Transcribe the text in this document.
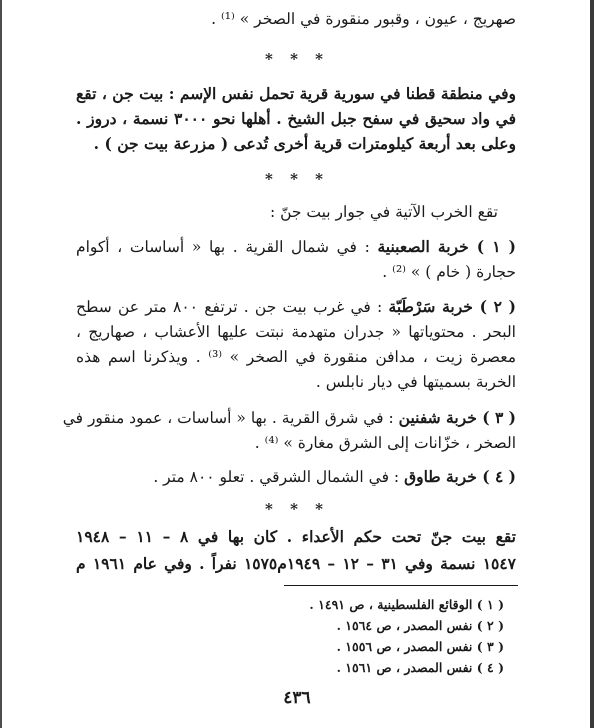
صهريج ، عيون ، وقبور منقورة في الصخر » ⁽¹⁾ .
* * *
وفي منطقة قطنا في سورية قرية تحمل نفس الإسم : بيت جن ، تقع
في واد سحيق في سفح جبل الشيخ . أهلها نحو ٣٠٠٠ نسمة ، دروز .
وعلى بعد أربعة كيلومترات قرية أخرى تُدعى ( مزرعة بيت جن ) .
* * *
تقع الخرب الآتية في جوار بيت جنّ :
( ١ ) خربة الصعبنية : في شمال القرية . بها « أساسات ، أكوام
حجارة ( خام ) » ⁽²⁾ .
( ٢ ) خربة سَرْطَبّة : في غرب بيت جن . ترتفع ٨٠٠ متر عن سطح
البحر . محتوياتها « جدران متهدمة نبتت عليها الأعشاب ، صهاريج ،
معصرة زيت ، مدافن منقورة في الصخر » ⁽³⁾ . ويذكرنا اسم هذه
الخربة بسميتها في ديار نابلس .
( ٣ ) خربة شفنين : في شرق القرية . بها « أساسات ، عمود منقور في
الصخر ، خزّانات إلى الشرق مغارة » ⁽⁴⁾ .
( ٤ ) خربة طاوق : في الشمال الشرقي . تعلو ٨٠٠ متر .
* * *
تقع بيت جنّ تحت حكم الأعداء . كان بها في ٨ – ١١ – ١٩٤٨
١٥٤٧ نسمة وفي ٣١ – ١٢ – ١٩٤٩م١٥٧٥ نفراً . وفي عام ١٩٦١ م
( ١ ) الوقائع الفلسطينية ، ص ١٤٩١ .
( ٢ ) نفس المصدر ، ص ١٥٦٤ .
( ٣ ) نفس المصدر ، ص ١٥٥٦ .
( ٤ ) نفس المصدر ، ص ١٥٦١ .
٤٣٦
